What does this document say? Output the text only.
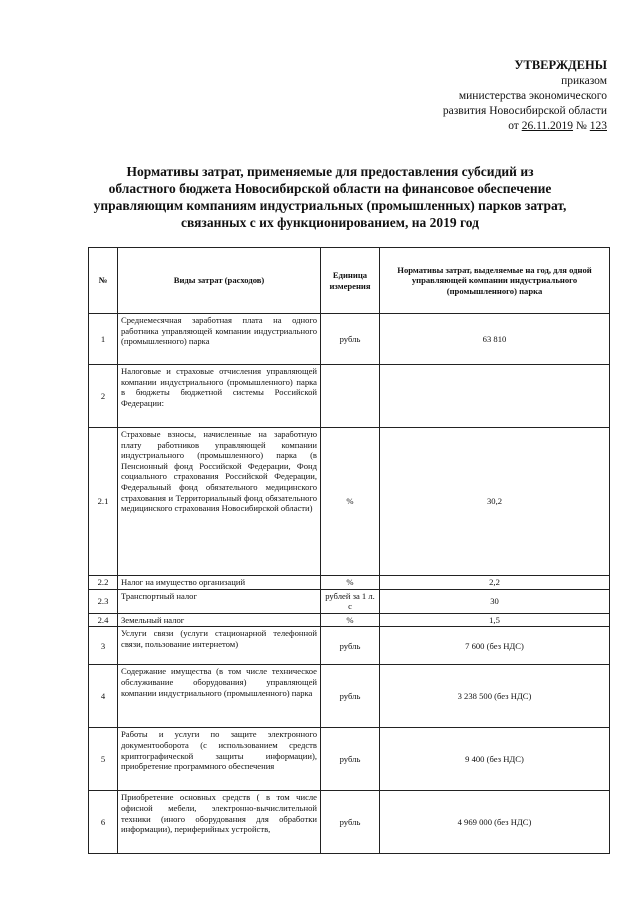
УТВЕРЖДЕНЫ
приказом
министерства экономического
развития Новосибирской области
от 26.11.2019 № 123
Нормативы затрат, применяемые для предоставления субсидий из
областного бюджета Новосибирской области на финансовое обеспечение
управляющим компаниям индустриальных (промышленных) парков затрат,
связанных с их функционированием, на 2019 год
№	Виды затрат (расходов)	Единица измерения	Нормативы затрат, выделяемые на год, для одной управляющей компании индустриального (промышленного) парка
1	Среднемесячная заработная плата на одного работника управляющей компании индустриального (промышленного) парка	рубль	63 810
2	Налоговые и страховые отчисления управляющей компании индустриального (промышленного) парка в бюджеты бюджетной системы Российской Федерации:		
2.1	Страховые взносы, начисленные на заработную плату работников управляющей компании индустриального (промышленного) парка (в Пенсионный фонд Российской Федерации, Фонд социального страхования Российской Федерации, Федеральный фонд обязательного медицинского страхования и Территориальный фонд обязательного медицинского страхования Новосибирской области)	%	30,2
2.2	Налог на имущество организаций	%	2,2
2.3	Транспортный налог	рублей за 1 л. с	30
2.4	Земельный налог	%	1,5
3	Услуги связи (услуги стационарной телефонной связи, пользование интернетом)	рубль	7 600 (без НДС)
4	Содержание имущества (в том числе техническое обслуживание оборудования) управляющей компании индустриального (промышленного) парка	рубль	3 238 500 (без НДС)
5	Работы и услуги по защите электронного документооборота (с использованием средств криптографической защиты информации), приобретение программного обеспечения	рубль	9 400 (без НДС)
6	Приобретение основных средств ( в том числе офисной мебели, электронно-вычислительной техники (иного оборудования для обработки информации), периферийных устройств,	рубль	4 969 000 (без НДС)
